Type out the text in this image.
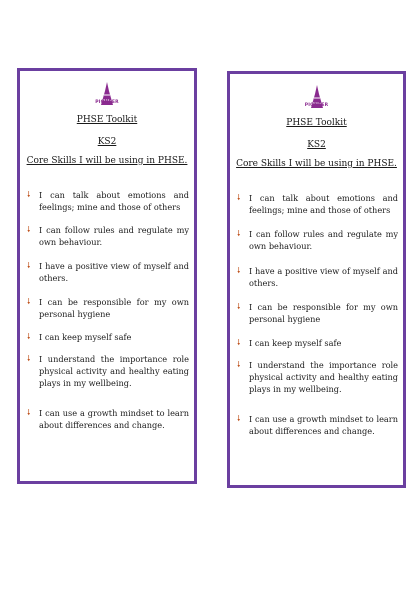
PIONEER
PHSE Toolkit
KS2
Core Skills I will be using in PHSE.
🠗 I can talk about emotions and feelings; mine and those of others
🠗 I can follow rules and regulate my own behaviour.
🠗 I have a positive view of myself and others.
🠗 I can be responsible for my own personal hygiene
🠗 I can keep myself safe
🠗 I understand the importance role physical activity and healthy eating plays in my wellbeing.
🠗 I can use a growth mindset to learn about differences and change.
PIONEER
PHSE Toolkit
KS2
Core Skills I will be using in PHSE.
🠗 I can talk about emotions and feelings; mine and those of others
🠗 I can follow rules and regulate my own behaviour.
🠗 I have a positive view of myself and others.
🠗 I can be responsible for my own personal hygiene
🠗 I can keep myself safe
🠗 I understand the importance role physical activity and healthy eating plays in my wellbeing.
🠗 I can use a growth mindset to learn about differences and change.
